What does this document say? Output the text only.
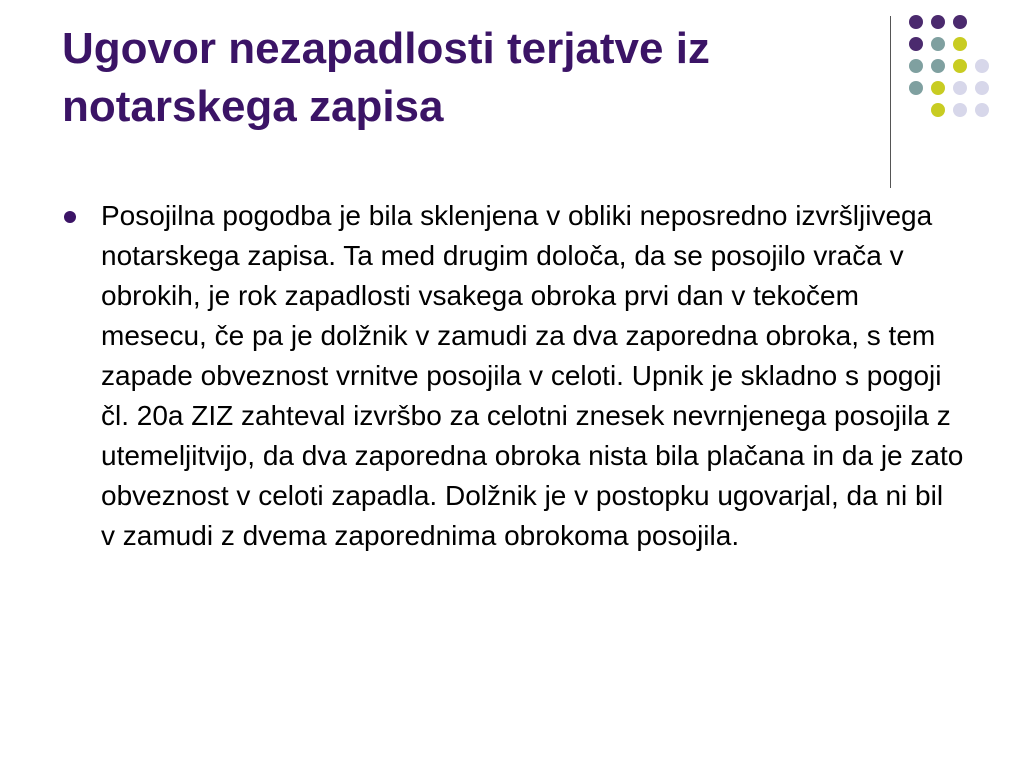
Ugovor nezapadlosti terjatve iz notarskega zapisa
Posojilna pogodba je bila sklenjena v obliki neposredno izvršljivega notarskega zapisa. Ta med drugim določa, da se posojilo vrača v obrokih, je rok zapadlosti vsakega obroka prvi dan v tekočem mesecu, če pa je dolžnik v zamudi za dva zaporedna obroka, s tem zapade obveznost vrnitve posojila v celoti. Upnik je skladno s pogoji čl. 20a ZIZ zahteval izvršbo za celotni znesek nevrnjenega posojila z utemeljitvijo, da dva zaporedna obroka nista bila plačana in da je zato obveznost v celoti zapadla. Dolžnik je v postopku ugovarjal, da ni bil v zamudi z dvema zaporednima obrokoma posojila.
